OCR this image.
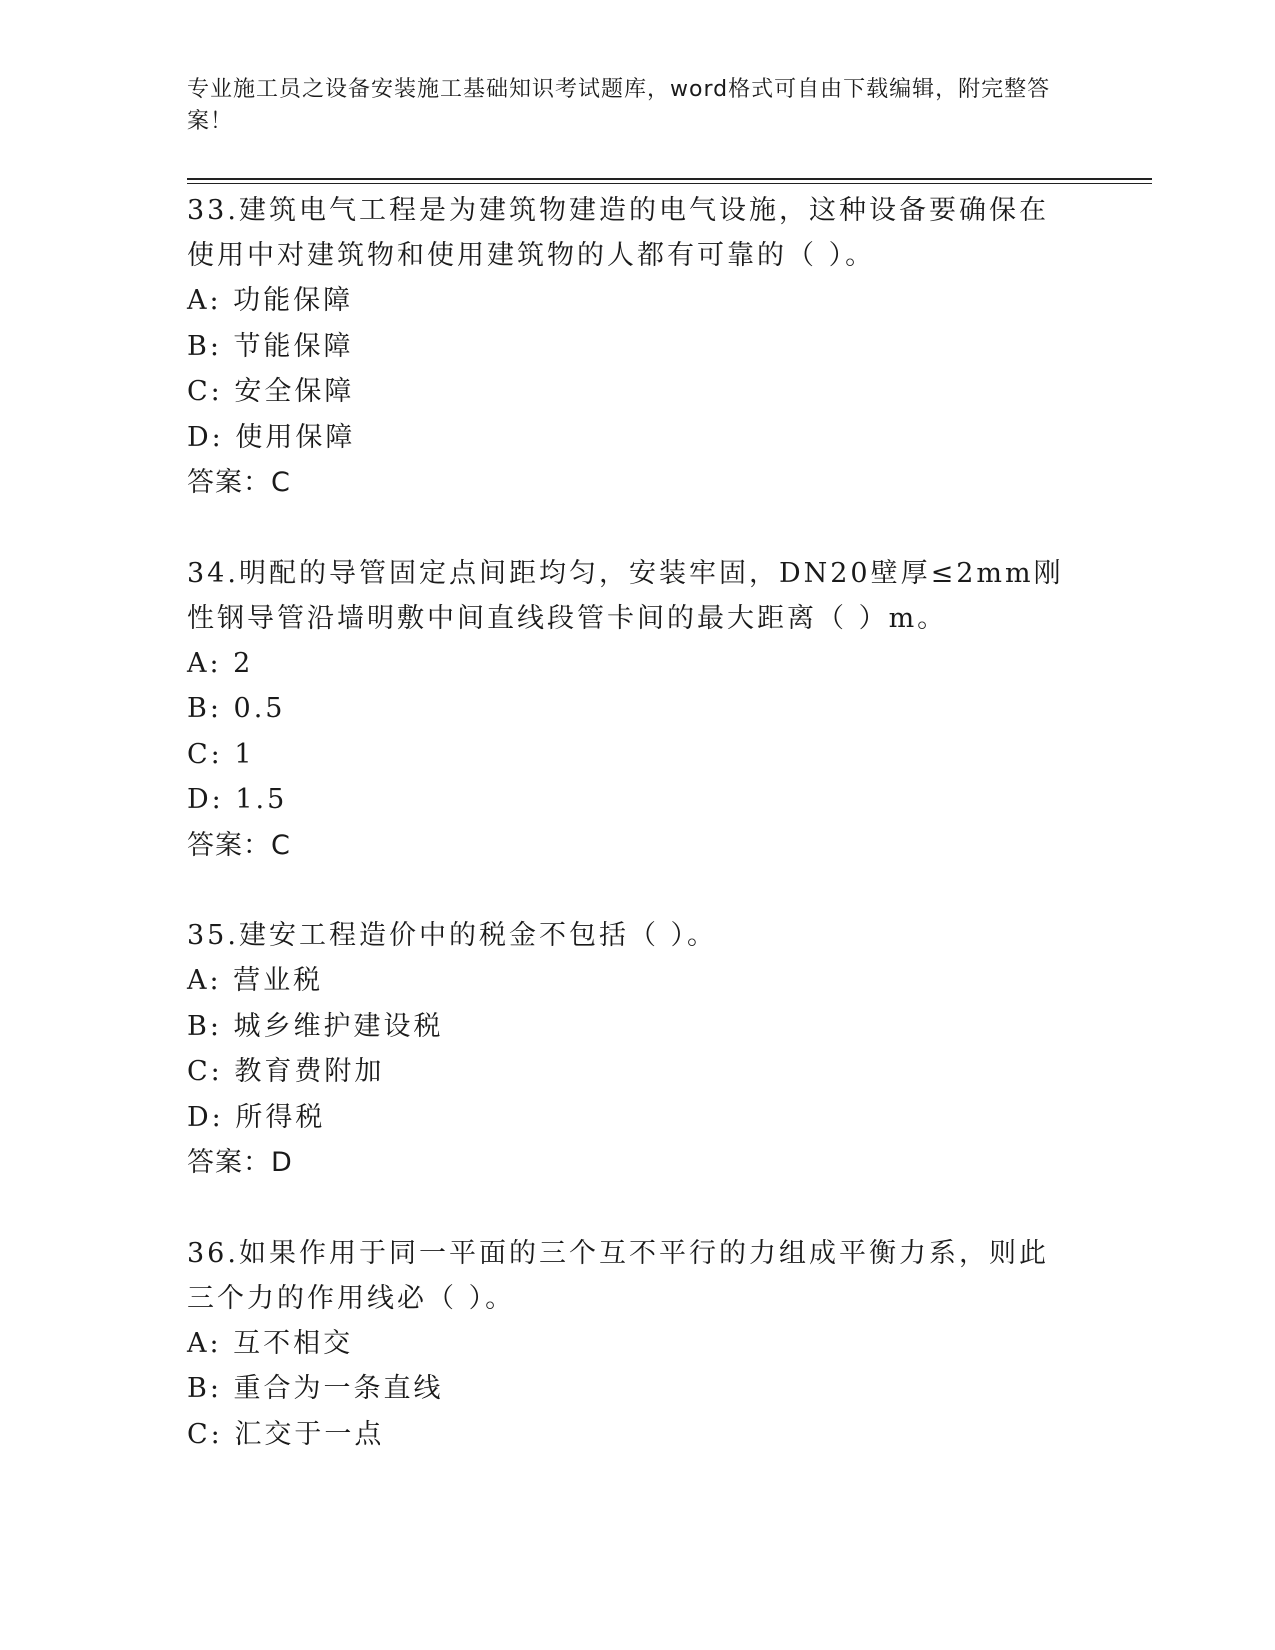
专业施工员之设备安装施工基础知识考试题库，word格式可自由下载编辑，附完整答案！
33.建筑电气工程是为建筑物建造的电气设施，这种设备要确保在使用中对建筑物和使用建筑物的人都有可靠的（ ）。
A: 功能保障
B: 节能保障
C: 安全保障
D: 使用保障
答案：C
34.明配的导管固定点间距均匀，安装牢固，DN20壁厚≤2mm刚性钢导管沿墙明敷中间直线段管卡间的最大距离（ ）m。
A: 2
B: 0.5
C: 1
D: 1.5
答案：C
35.建安工程造价中的税金不包括（ ）。
A: 营业税
B: 城乡维护建设税
C: 教育费附加
D: 所得税
答案：D
36.如果作用于同一平面的三个互不平行的力组成平衡力系，则此三个力的作用线必（ ）。
A: 互不相交
B: 重合为一条直线
C: 汇交于一点
